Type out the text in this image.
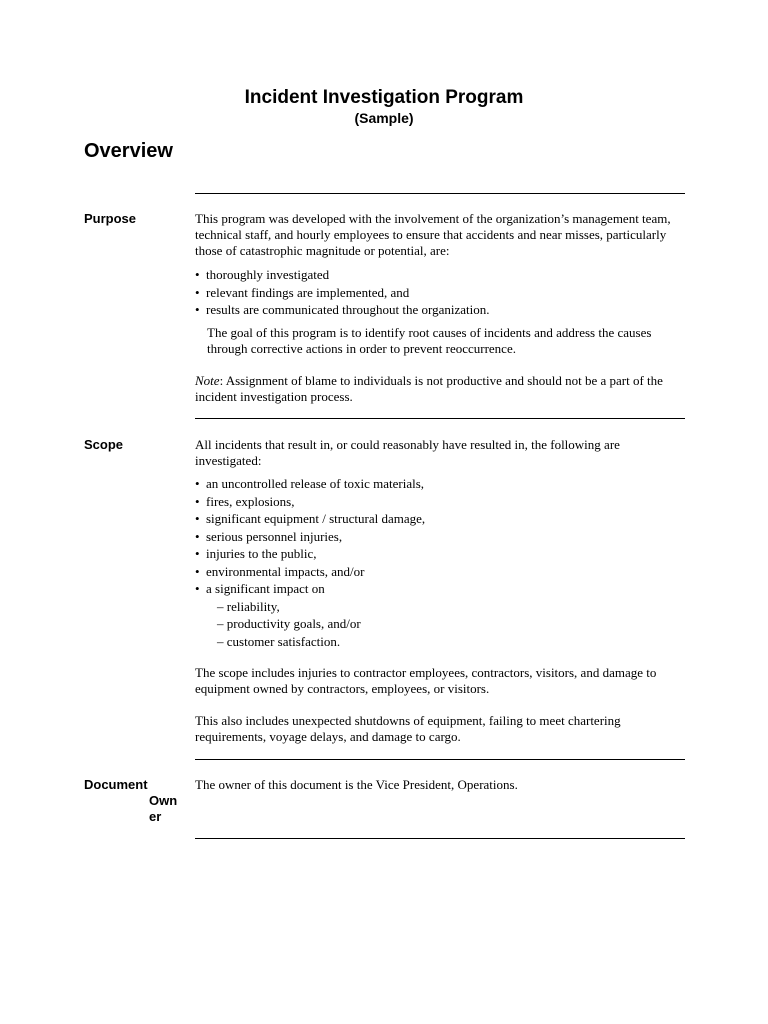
Incident Investigation Program
(Sample)
Overview
Purpose	This program was developed with the involvement of the organization’s management team, technical staff, and hourly employees to ensure that accidents and near misses, particularly those of catastrophic magnitude or potential, are:

• thoroughly investigated
• relevant findings are implemented, and
• results are communicated throughout the organization.

The goal of this program is to identify root causes of incidents and address the causes through corrective actions in order to prevent reoccurrence.

Note: Assignment of blame to individuals is not productive and should not be a part of the incident investigation process.

Scope	All incidents that result in, or could reasonably have resulted in, the following are investigated:

• an uncontrolled release of toxic materials,
• fires, explosions,
• significant equipment / structural damage,
• serious personnel injuries,
• injuries to the public,
• environmental impacts, and/or
• a significant impact on
– reliability,
– productivity goals, and/or
– customer satisfaction.

The scope includes injuries to contractor employees, contractors, visitors, and damage to equipment owned by contractors, employees, or visitors.

This also includes unexpected shutdowns of equipment, failing to meet chartering requirements, voyage delays, and damage to cargo.

Document
Own
er

The owner of this document is the Vice President, Operations.
